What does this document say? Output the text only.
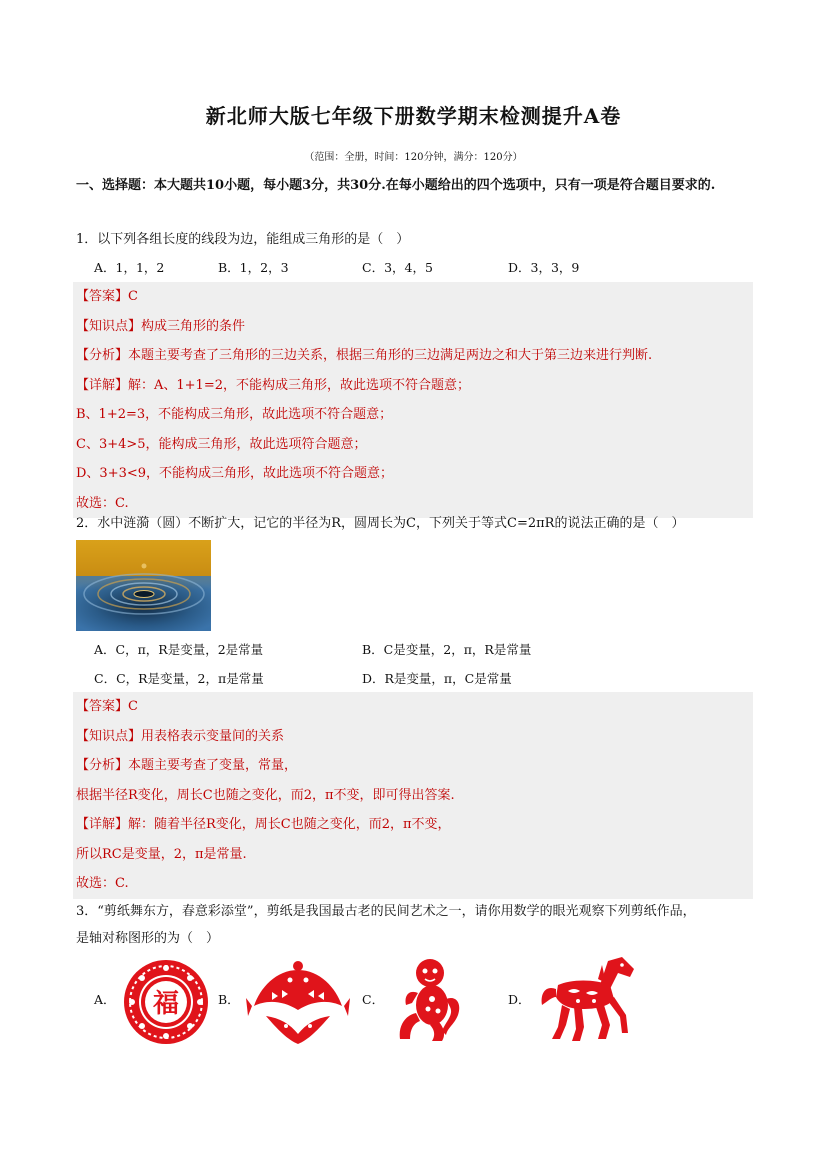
新北师大版七年级下册数学期末检测提升A卷
（范围：全册，时间：120分钟，满分：120分）
一、选择题：本大题共10小题，每小题3分，共30分.在每小题给出的四个选项中，只有一项是符合题目要求的.
1．以下列各组长度的线段为边，能组成三角形的是（　）
A．1，1，2	B．1，2，3	C．3，4，5	D．3，3，9
【答案】C
【知识点】构成三角形的条件
【分析】本题主要考查了三角形的三边关系，根据三角形的三边满足两边之和大于第三边来进行判断.
【详解】解：A、1+1=2，不能构成三角形，故此选项不符合题意；
B、1+2=3，不能构成三角形，故此选项不符合题意；
C、3+4>5，能构成三角形，故此选项符合题意；
D、3+3<9，不能构成三角形，故此选项不符合题意；
故选：C.
2．水中涟漪（圆）不断扩大，记它的半径为R，圆周长为C，下列关于等式C=2πR的说法正确的是（　）
A．C，π，R是变量，2是常量	B．C是变量，2，π，R是常量
C．C，R是变量，2，π是常量	D．R是变量，π，C是常量
【答案】C
【知识点】用表格表示变量间的关系
【分析】本题主要考查了变量，常量，
根据半径R变化，周长C也随之变化，而2，π不变，即可得出答案.
【详解】解：随着半径R变化，周长C也随之变化，而2，π不变，
所以RC是变量，2，π是常量.
故选：C.
3．“剪纸舞东方，春意彩添堂”，剪纸是我国最古老的民间艺术之一，请你用数学的眼光观察下列剪纸作品，
是轴对称图形的为（　）
A．	B．	C．	D．
福
